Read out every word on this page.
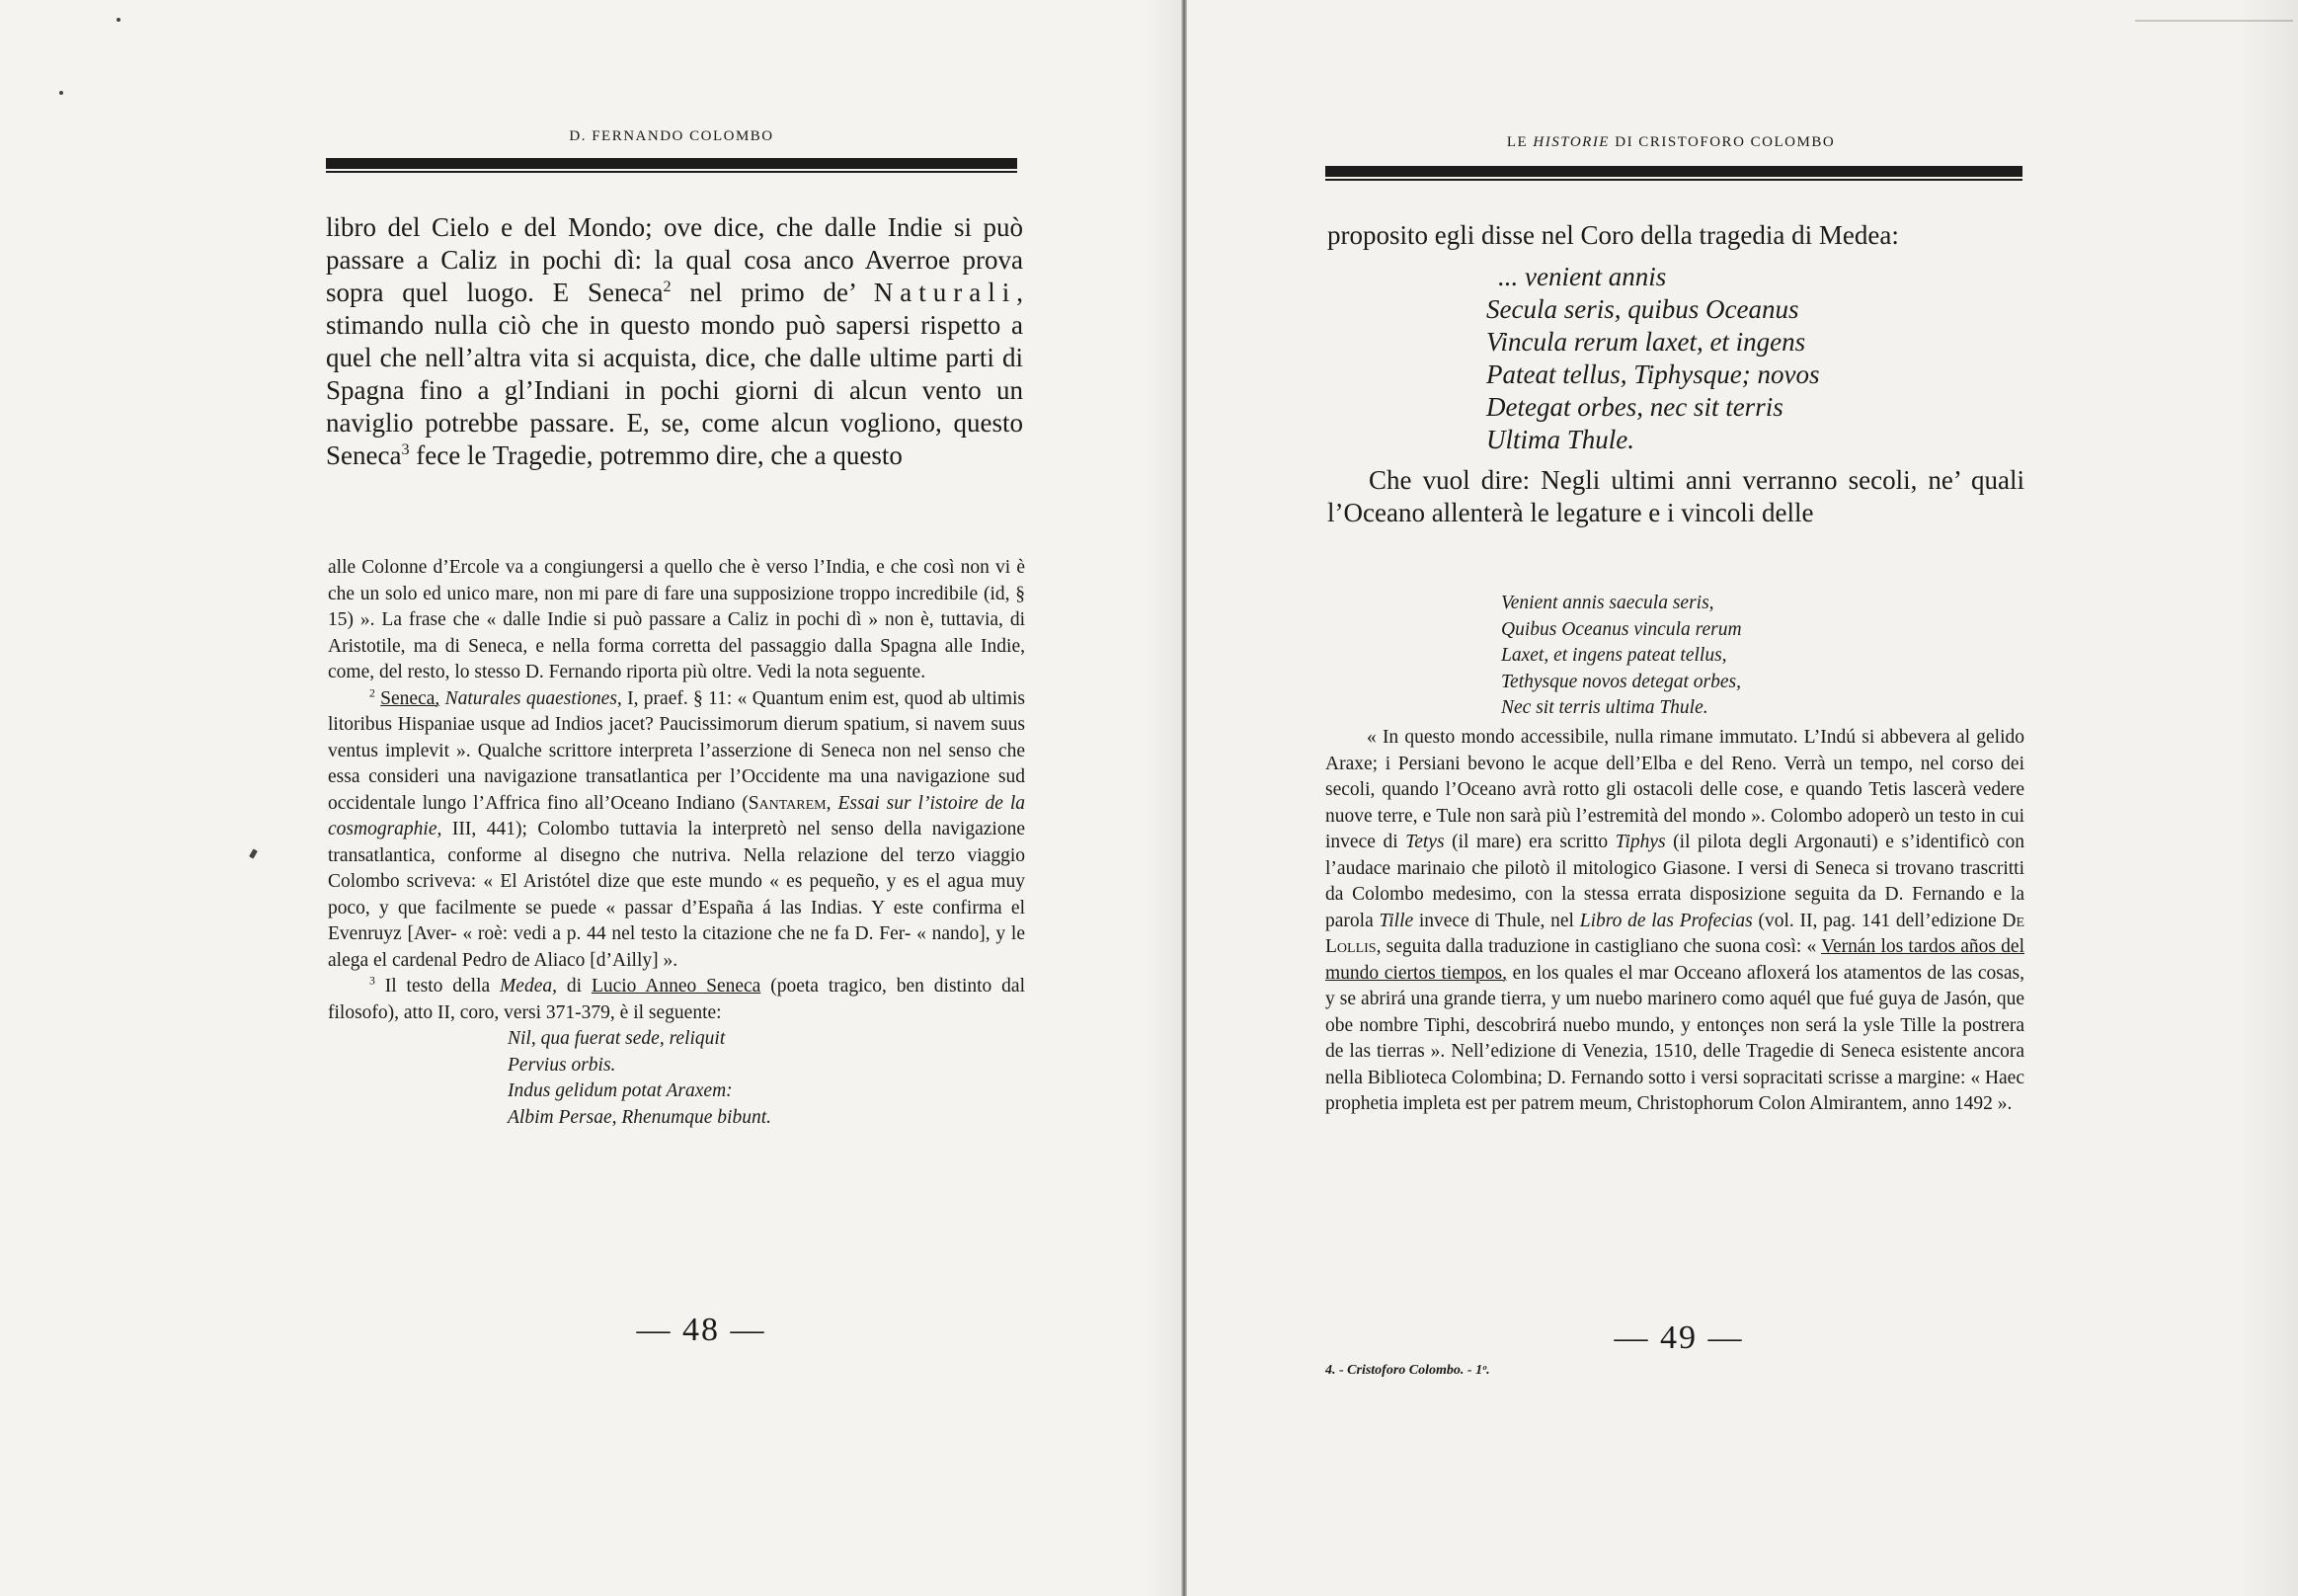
D. FERNANDO COLOMBO

libro del Cielo e del Mondo; ove dice, che dalle Indie si può passare a Caliz in pochi dì: la qual cosa anco Averroe prova sopra quel luogo. E Seneca$^2$ nel primo de’ Naturali, stimando nulla ciò che in questo mondo può sapersi rispetto a quel che nell’altra vita si acquista, dice, che dalle ultime parti di Spagna fino a gl’Indiani in pochi giorni di alcun vento un naviglio potrebbe passare. E, se, come alcun vogliono, questo Seneca$^3$ fece le Tragedie, potremmo dire, che a questo

alle Colonne d’Ercole va a congiungersi a quello che è verso l’India, e che così non vi è che un solo ed unico mare, non mi pare di fare una supposizione troppo incredibile (id, § 15) ». La frase che « dalle Indie si può passare a Caliz in pochi dì » non è, tuttavia, di Aristotile, ma di Seneca, e nella forma corretta del passaggio dalla Spagna alle Indie, come, del resto, lo stesso D. Fernando riporta più oltre. Vedi la nota seguente.

$^2$ Seneca, Naturales quaestiones, I, praef. § 11: « Quantum enim est, quod ab ultimis litoribus Hispaniae usque ad Indios jacet? Paucissimorum dierum spatium, si navem suus ventus implevit ». Qualche scrittore interpreta l’asserzione di Seneca non nel senso che essa consideri una navigazione transatlantica per l’Occidente ma una navigazione sud occidentale lungo l’Affrica fino all’Oceano Indiano (Santarem, Essai sur l’istoire de la cosmographie, III, 441); Colombo tuttavia la interpretò nel senso della navigazione transatlantica, conforme al disegno che nutriva. Nella relazione del terzo viaggio Colombo scriveva: « El Aristótel dize que este mundo « es pequeño, y es el agua muy poco, y que facilmente se puede « passar d’España á las Indias. Y este confirma el Evenruyz [Aver- « roè: vedi a p. 44 nel testo la citazione che ne fa D. Fer- « nando], y le alega el cardenal Pedro de Aliaco [d’Ailly] ».

$^3$ Il testo della Medea, di Lucio Anneo Seneca (poeta tragico, ben distinto dal filosofo), atto II, coro, versi 371-379, è il seguente:

Nil, qua fuerat sede, reliquit
Pervius orbis.
Indus gelidum potat Araxem:
Albim Persae, Rhenumque bibunt.
— 48 —
LE HISTORIE DI CRISTOFORO COLOMBO

proposito egli disse nel Coro della tragedia di Medea:

... venient annis
Secula seris, quibus Oceanus
Vincula rerum laxet, et ingens
Pateat tellus, Tiphysque; novos
Detegat orbes, nec sit terris
Ultima Thule.

Che vuol dire: Negli ultimi anni verranno secoli, ne’ quali l’Oceano allenterà le legature e i vincoli delle

Venient annis saecula seris,
Quibus Oceanus vincula rerum
Laxet, et ingens pateat tellus,
Tethysque novos detegat orbes,
Nec sit terris ultima Thule.

« In questo mondo accessibile, nulla rimane immutato. L’Indú si abbevera al gelido Araxe; i Persiani bevono le acque dell’Elba e del Reno. Verrà un tempo, nel corso dei secoli, quando l’Oceano avrà rotto gli ostacoli delle cose, e quando Tetis lascerà vedere nuove terre, e Tule non sarà più l’estremità del mondo ». Colombo adoperò un testo in cui invece di Tetys (il mare) era scritto Tiphys (il pilota degli Argonauti) e s’identificò con l’audace marinaio che pilotò il mitologico Giasone. I versi di Seneca si trovano trascritti da Colombo medesimo, con la stessa errata disposizione seguita da D. Fernando e la parola Tille invece di Thule, nel Libro de las Profecias (vol. II, pag. 141 dell’edizione De Lollis, seguita dalla traduzione in castigliano che suona così: « Vernán los tardos años del mundo ciertos tiempos, en los quales el mar Occeano afloxerá los atamentos de las cosas, y se abrirá una grande tierra, y um nuebo marinero como aquél que fué guya de Jasón, que obe nombre Tiphi, descobrirá nuebo mundo, y entonçes non será la ysle Tille la postrera de las tierras ». Nell’edizione di Venezia, 1510, delle Tragedie di Seneca esistente ancora nella Biblioteca Colombina; D. Fernando sotto i versi sopracitati scrisse a margine: « Haec prophetia impleta est per patrem meum, Christophorum Colon Almirantem, anno 1492 ».

— 49 —
4. - Cristoforo Colombo. - 1ᵒ.
